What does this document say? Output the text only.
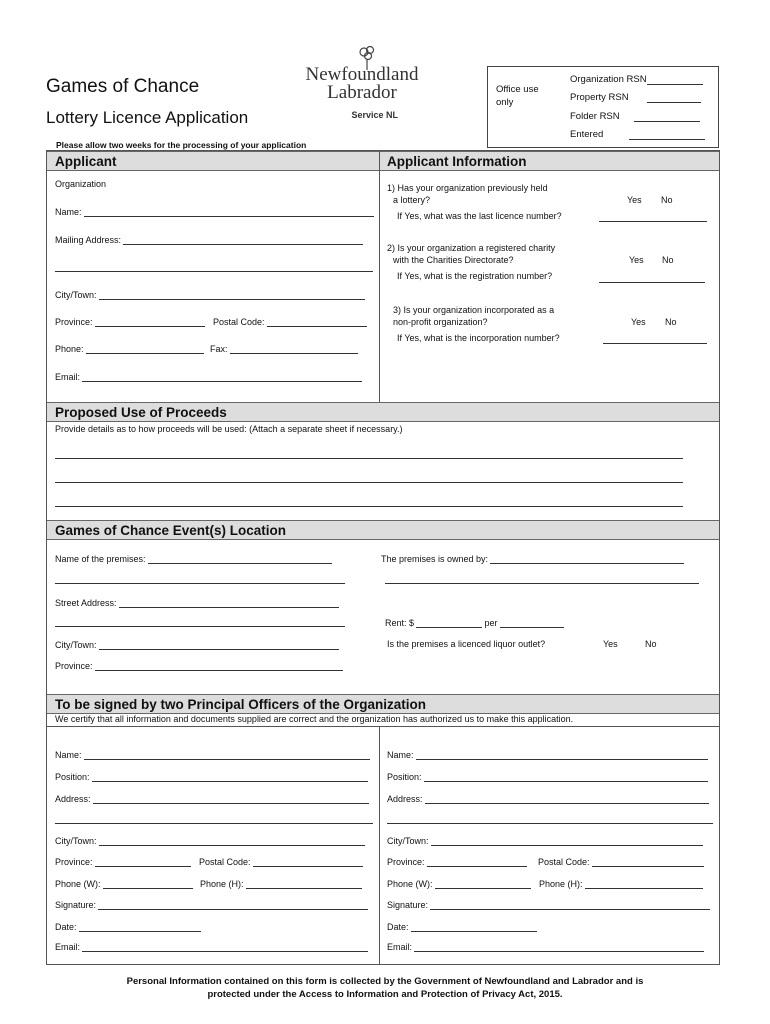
Games of Chance
Lottery Licence Application
Newfoundland
Labrador
Service NL
Office use only
Organization RSN
Property RSN
Folder RSN
Entered
Please allow two weeks for the processing of your application
Applicant	Applicant Information
Organization
Name:
Mailing Address:
City/Town:
Province:	Postal Code:
Phone:	Fax:
Email:
1) Has your organization previously held
a lottery?	Yes No
If Yes, what was the last licence number?
2) Is your organization a registered charity
with the Charities Directorate?	Yes No
If Yes, what is the registration number?
3) Is your organization incorporated as a
non-profit organization?	Yes No
If Yes, what is the incorporation number?
Proposed Use of Proceeds
Provide details as to how proceeds will be used: (Attach a separate sheet if necessary.)
Games of Chance Event(s) Location
Name of the premises:	The premises is owned by:
Street Address:
Rent: $	per
City/Town:	Is the premises a licenced liquor outlet?	Yes	No
Province:
To be signed by two Principal Officers of the Organization
We certify that all information and documents supplied are correct and the organization has authorized us to make this application.
Name:
Position:
Address:
City/Town:
Province:	Postal Code:
Phone (W):	Phone (H):
Signature:
Date:
Email:
Name:
Position:
Address:
City/Town:
Province:	Postal Code:
Phone (W):	Phone (H):
Signature:
Date:
Email:
Personal Information contained on this form is collected by the Government of Newfoundland and Labrador and is
protected under the Access to Information and Protection of Privacy Act, 2015.
